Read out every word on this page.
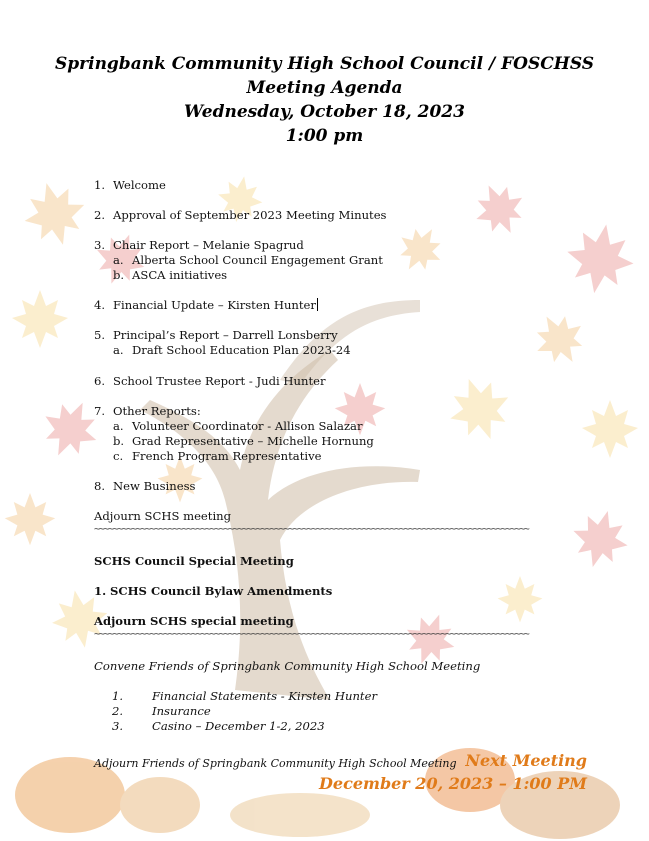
Springbank Community High School Council / FOSCHSS
Meeting Agenda
Wednesday, October 18, 2023
1:00 pm
1. Welcome
2. Approval of September 2023 Meeting Minutes
3. Chair Report – Melanie Spagrud
a. Alberta School Council Engagement Grant
b. ASCA initiatives
4. Financial Update – Kirsten Hunter
5. Principal’s Report – Darrell Lonsberry
a. Draft School Education Plan 2023-24
6. School Trustee Report - Judi Hunter
7. Other Reports:
a. Volunteer Coordinator - Allison Salazar
b. Grad Representative – Michelle Hornung
c. French Program Representative
8. New Business
Adjourn SCHS meeting
~~~~~~~~~~~~~~~~~~~~~~~~~~~~~~~~~~~~~~~~~~~~~~~~~~~~~~~~~~~~~~~~~~~~~~~~~~~~~~~~~~~~~~~~~~~~~~
SCHS Council Special Meeting
1. SCHS Council Bylaw Amendments
Adjourn SCHS special meeting
~~~~~~~~~~~~~~~~~~~~~~~~~~~~~~~~~~~~~~~~~~~~~~~~~~~~~~~~~~~~~~~~~~~~~~~~~~~~~~~~~~~~~~~~~~~~~~
Convene Friends of Springbank Community High School Meeting
1. Financial Statements - Kirsten Hunter
2. Insurance
3. Casino – December 1-2, 2023
Adjourn Friends of Springbank Community High School Meeting Next Meeting
December 20, 2023 – 1:00 PM
